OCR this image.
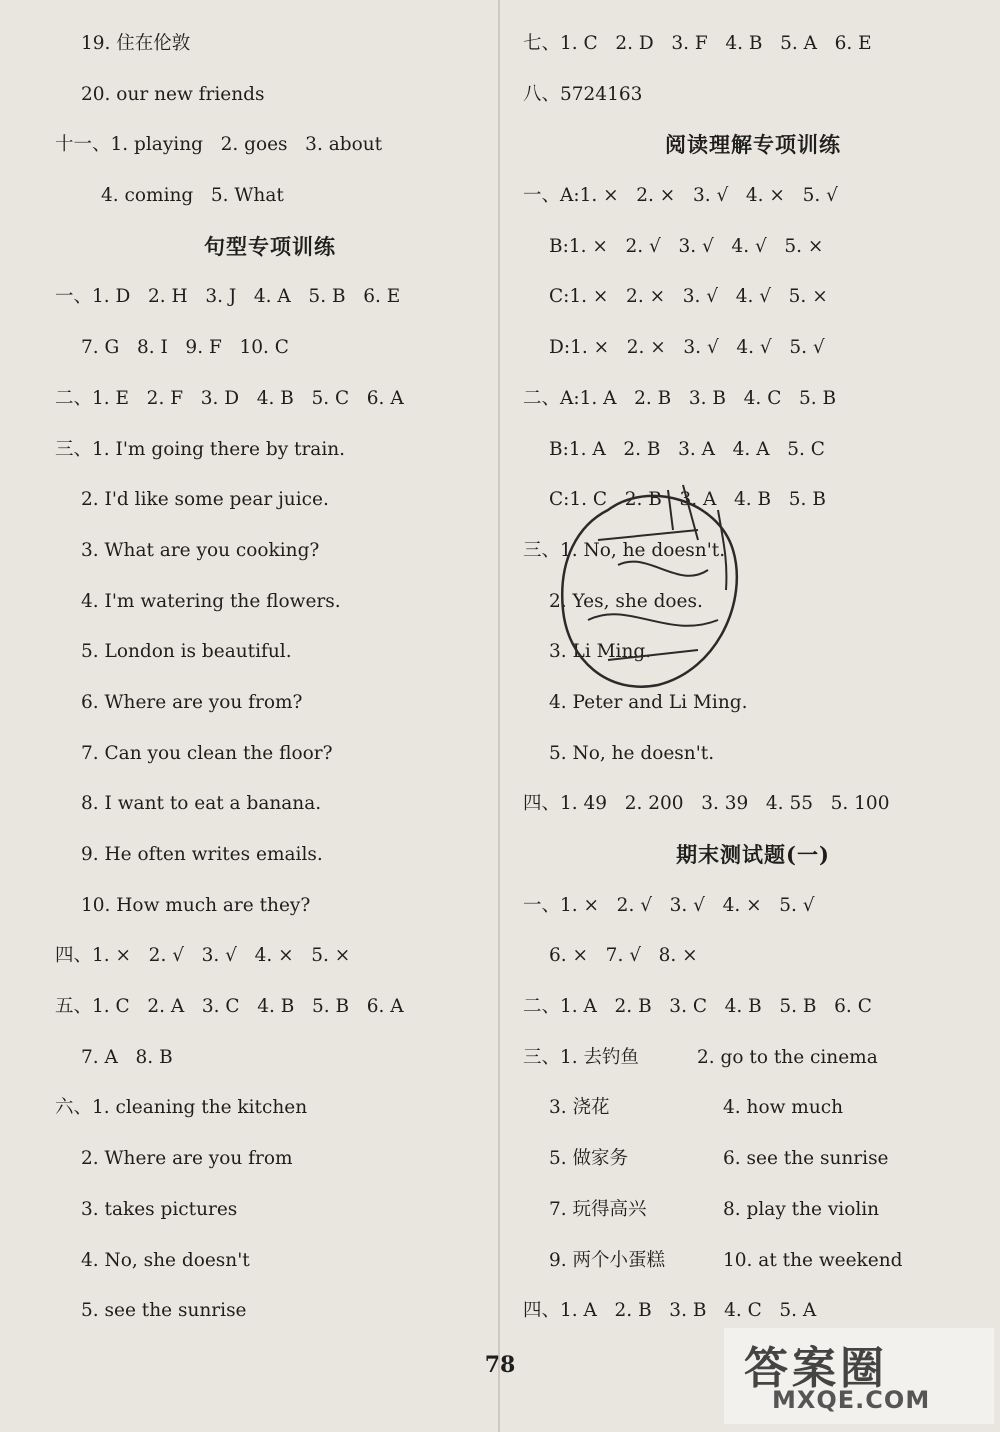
19. 住在伦敦
20. our new friends
十一、1. playing   2. goes   3. about
4. coming   5. What
句型专项训练
一、1. D   2. H   3. J   4. A   5. B   6. E
7. G   8. I   9. F   10. C
二、1. E   2. F   3. D   4. B   5. C   6. A
三、1. I'm going there by train.
2. I'd like some pear juice.
3. What are you cooking?
4. I'm watering the flowers.
5. London is beautiful.
6. Where are you from?
7. Can you clean the floor?
8. I want to eat a banana.
9. He often writes emails.
10. How much are they?
四、1. ×   2. √   3. √   4. ×   5. ×
五、1. C   2. A   3. C   4. B   5. B   6. A
7. A   8. B
六、1. cleaning the kitchen
2. Where are you from
3. takes pictures
4. No, she doesn't
5. see the sunrise
七、1. C   2. D   3. F   4. B   5. A   6. E
八、5724163
阅读理解专项训练
一、A:1. ×   2. ×   3. √   4. ×   5. √
B:1. ×   2. √   3. √   4. √   5. ×
C:1. ×   2. ×   3. √   4. √   5. ×
D:1. ×   2. ×   3. √   4. √   5. √
二、A:1. A   2. B   3. B   4. C   5. B
B:1. A   2. B   3. A   4. A   5. C
C:1. C   2. B   3. A   4. B   5. B
三、1. No, he doesn't.
2. Yes, she does.
3. Li Ming.
4. Peter and Li Ming.
5. No, he doesn't.
四、1. 49   2. 200   3. 39   4. 55   5. 100
期末测试题(一)
一、1. ×   2. √   3. √   4. ×   5. √
6. ×   7. √   8. ×
二、1. A   2. B   3. C   4. B   5. B   6. C
三、1. 去钓鱼	2. go to the cinema
3. 浇花	4. how much
5. 做家务	6. see the sunrise
7. 玩得高兴	8. play the violin
9. 两个小蛋糕	10. at the weekend
四、1. A   2. B   3. B   4. C   5. A
78	答案圈
MXQE.COM
